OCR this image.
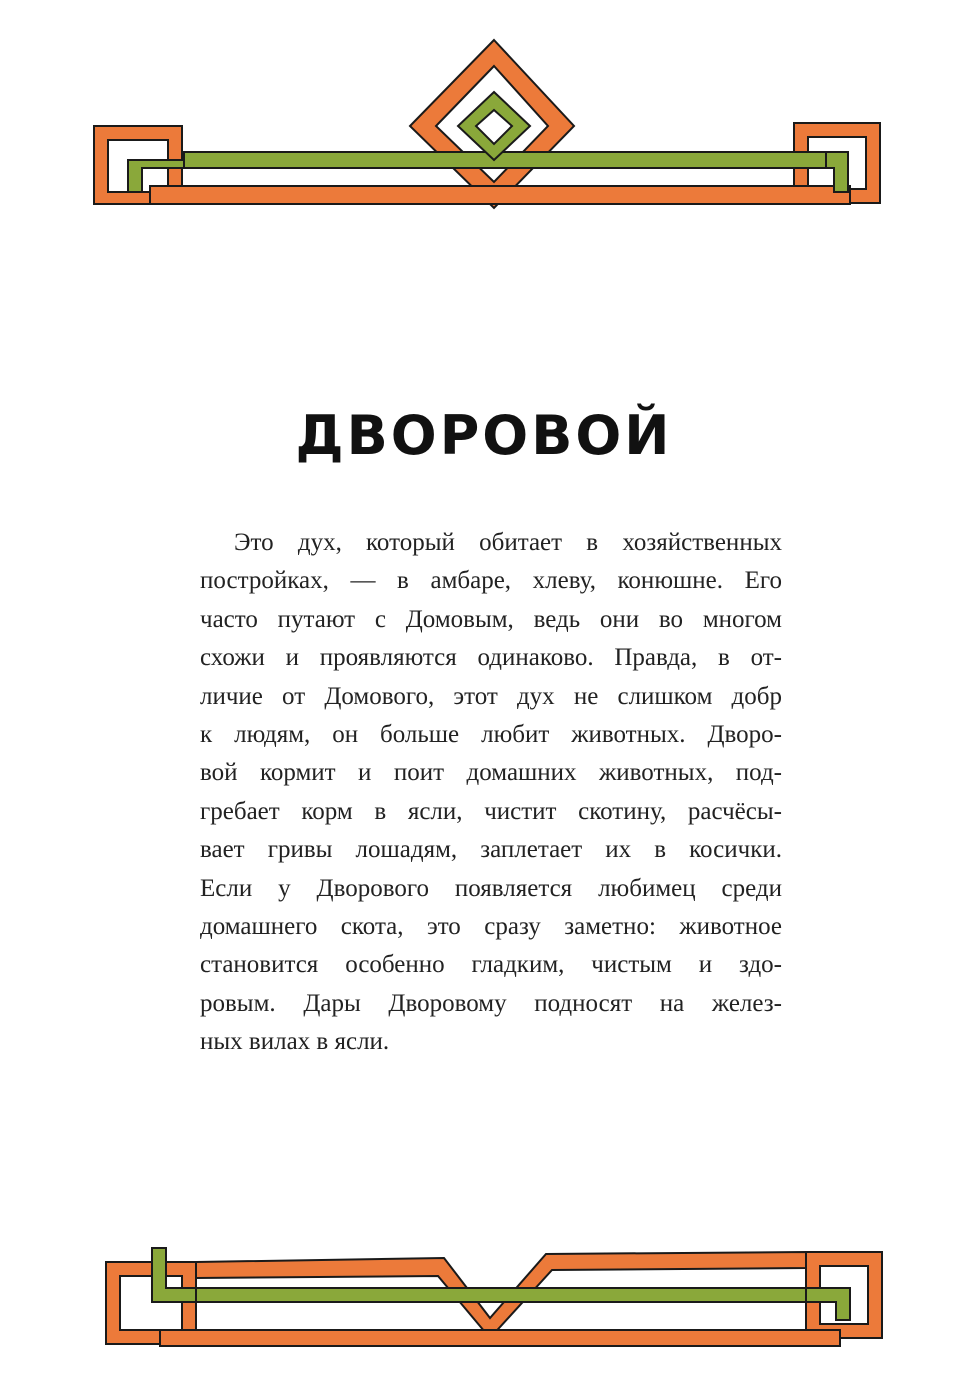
ДВОРОВОЙ
Это дух, который обитает в хозяйственных
постройках, — в амбаре, хлеву, конюшне. Его
часто путают с Домовым, ведь они во многом
схожи и проявляются одинаково. Правда, в от-
личие от Домового, этот дух не слишком добр
к людям, он больше любит животных. Дворо-
вой кормит и поит домашних животных, под-
гребает корм в ясли, чистит скотину, расчёсы-
вает гривы лошадям, заплетает их в косички.
Если у Дворового появляется любимец среди
домашнего скота, это сразу заметно: животное
становится особенно гладким, чистым и здо-
ровым. Дары Дворовому подносят на желез-
ных вилах в ясли.
